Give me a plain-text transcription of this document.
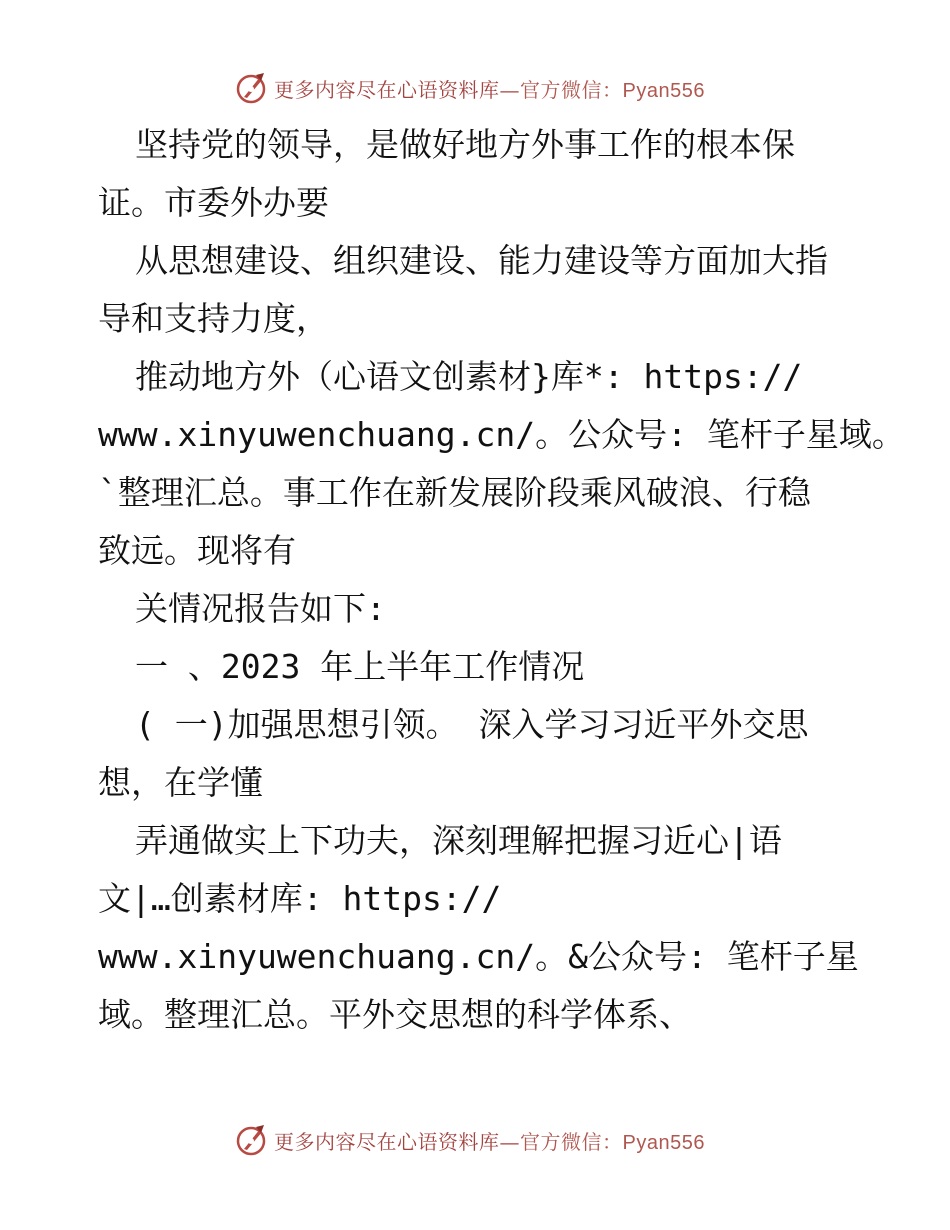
更多内容尽在心语资料库—官方微信：Pyan556
坚持党的领导，是做好地方外事工作的根本保
证。市委外办要
从思想建设、组织建设、能力建设等方面加大指
导和支持力度，
推动地方外（心语文创素材}库*: https://
www.xinyuwenchuang.cn/。公众号: 笔杆子星域。
`整理汇总。事工作在新发展阶段乘风破浪、行稳
致远。现将有
关情况报告如下:
一 、2023 年上半年工作情况
( 一)加强思想引领。 深入学习习近平外交思
想，在学懂
弄通做实上下功夫，深刻理解把握习近心|语
文|…创素材库: https://
www.xinyuwenchuang.cn/。&公众号: 笔杆子星
域。整理汇总。平外交思想的科学体系、
更多内容尽在心语资料库—官方微信：Pyan556
